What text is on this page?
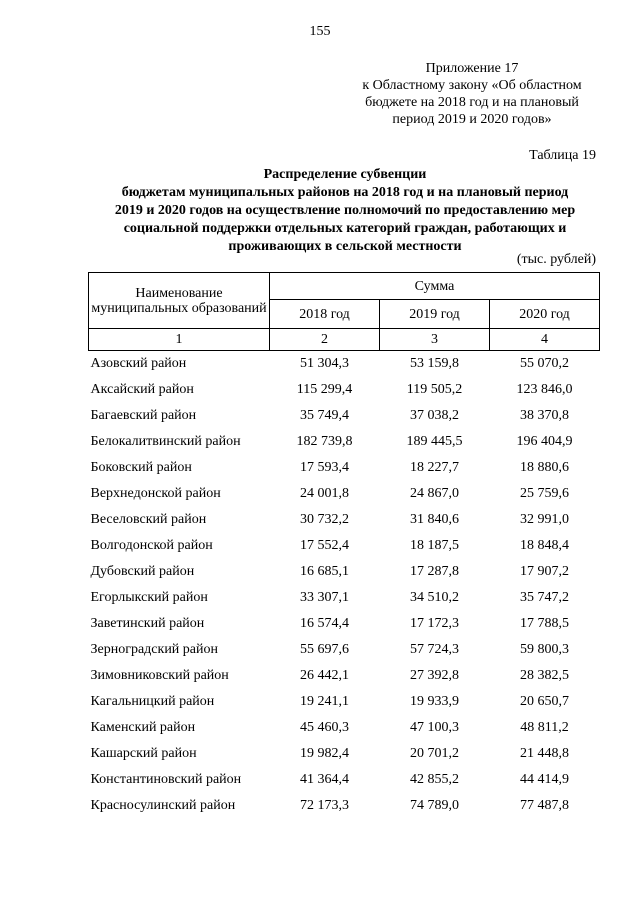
155
Приложение 17
к Областному закону «Об областном
бюджете на 2018 год и на плановый
период 2019 и 2020 годов»
Таблица 19
Распределение субвенции
бюджетам муниципальных районов на 2018 год и на плановый период
2019 и 2020 годов на осуществление полномочий по предоставлению мер
социальной поддержки отдельных категорий граждан, работающих и
проживающих в сельской местности
(тыс. рублей)
Наименование муниципальных образований	Сумма		
	2018 год	2019 год	2020 год
1	2	3	4
Азовский район	51 304,3	53 159,8	55 070,2
Аксайский район	115 299,4	119 505,2	123 846,0
Багаевский район	35 749,4	37 038,2	38 370,8
Белокалитвинский район	182 739,8	189 445,5	196 404,9
Боковский район	17 593,4	18 227,7	18 880,6
Верхнедонской район	24 001,8	24 867,0	25 759,6
Веселовский район	30 732,2	31 840,6	32 991,0
Волгодонской район	17 552,4	18 187,5	18 848,4
Дубовский район	16 685,1	17 287,8	17 907,2
Егорлыкский район	33 307,1	34 510,2	35 747,2
Заветинский район	16 574,4	17 172,3	17 788,5
Зерноградский район	55 697,6	57 724,3	59 800,3
Зимовниковский район	26 442,1	27 392,8	28 382,5
Кагальницкий район	19 241,1	19 933,9	20 650,7
Каменский район	45 460,3	47 100,3	48 811,2
Кашарский район	19 982,4	20 701,2	21 448,8
Константиновский район	41 364,4	42 855,2	44 414,9
Красносулинский район	72 173,3	74 789,0	77 487,8
